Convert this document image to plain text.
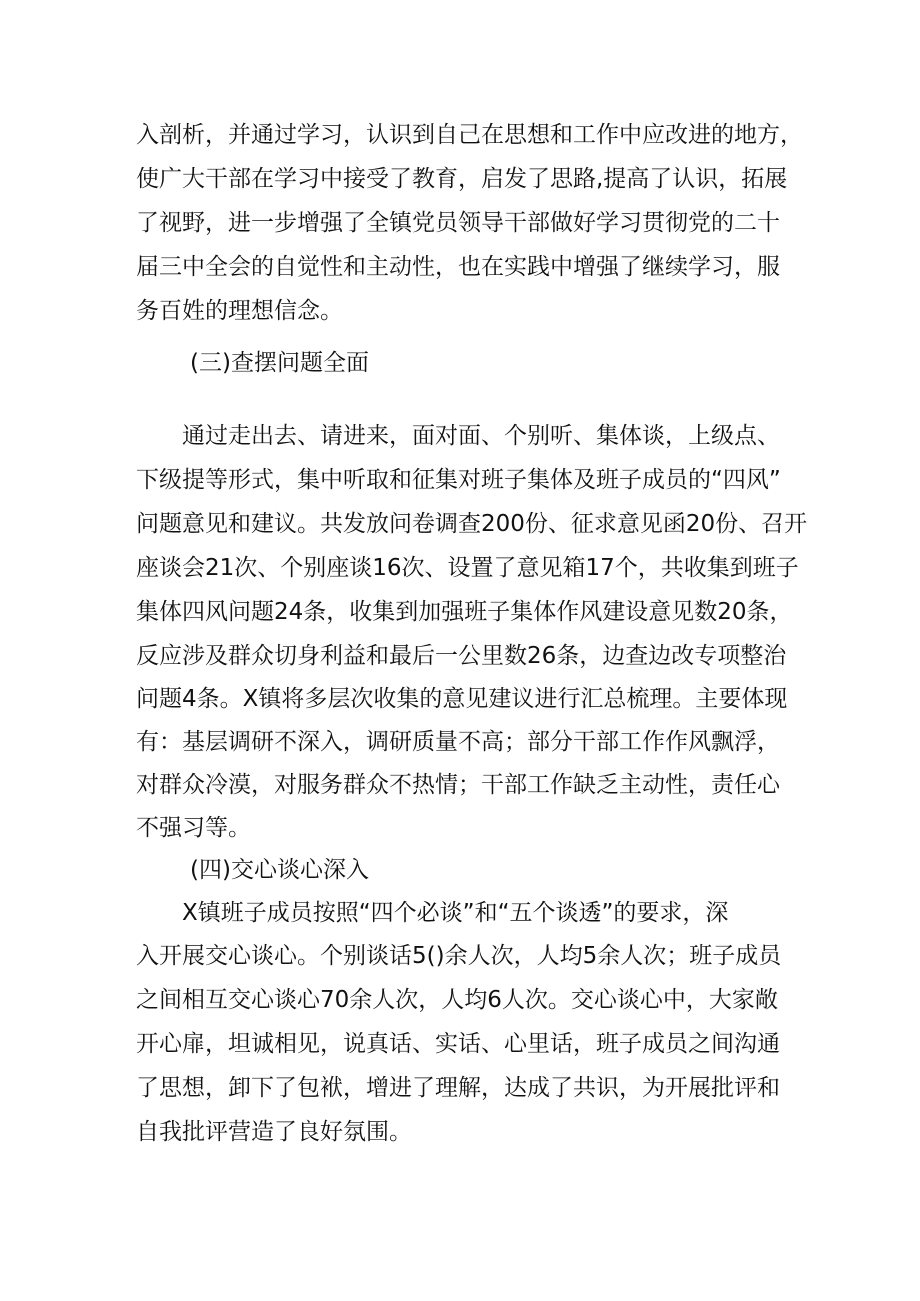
入剖析，并通过学习，认识到自己在思想和工作中应改进的地方，
使广大干部在学习中接受了教育，启发了思路,提高了认识，拓展
了视野，进一步增强了全镇党员领导干部做好学习贯彻党的二十
届三中全会的自觉性和主动性，也在实践中增强了继续学习，服
务百姓的理想信念。
(三)查摆问题全面
通过走出去、请进来，面对面、个别听、集体谈，上级点、
下级提等形式，集中听取和征集对班子集体及班子成员的“四风”
问题意见和建议。共发放问卷调查200份、征求意见函20份、召开
座谈会21次、个别座谈16次、设置了意见箱17个，共收集到班子
集体四风问题24条，收集到加强班子集体作风建设意见数20条，
反应涉及群众切身利益和最后一公里数26条，边查边改专项整治
问题4条。X镇将多层次收集的意见建议进行汇总梳理。主要体现
有：基层调研不深入，调研质量不高；部分干部工作作风飘浮，
对群众冷漠，对服务群众不热情；干部工作缺乏主动性，责任心
不强习等。
(四)交心谈心深入
X镇班子成员按照“四个必谈”和“五个谈透”的要求，深
入开展交心谈心。个别谈话5()余人次，人均5余人次；班子成员
之间相互交心谈心70余人次，人均6人次。交心谈心中，大家敞
开心扉，坦诚相见，说真话、实话、心里话，班子成员之间沟通
了思想，卸下了包袱，增进了理解，达成了共识，为开展批评和
自我批评营造了良好氛围。
